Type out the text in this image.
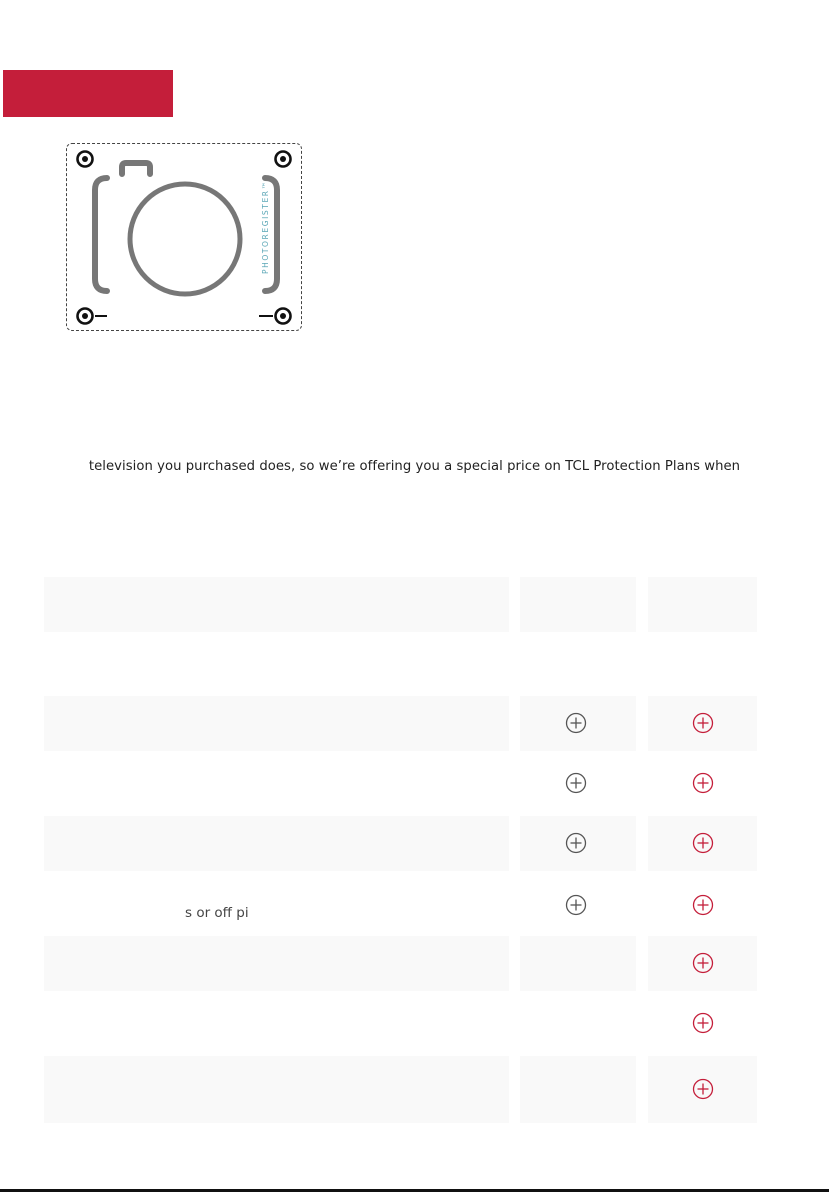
PHOTOREGISTER™
television you purchased does, so we’re offering you a special price on TCL Protection Plans when
s or off pi
